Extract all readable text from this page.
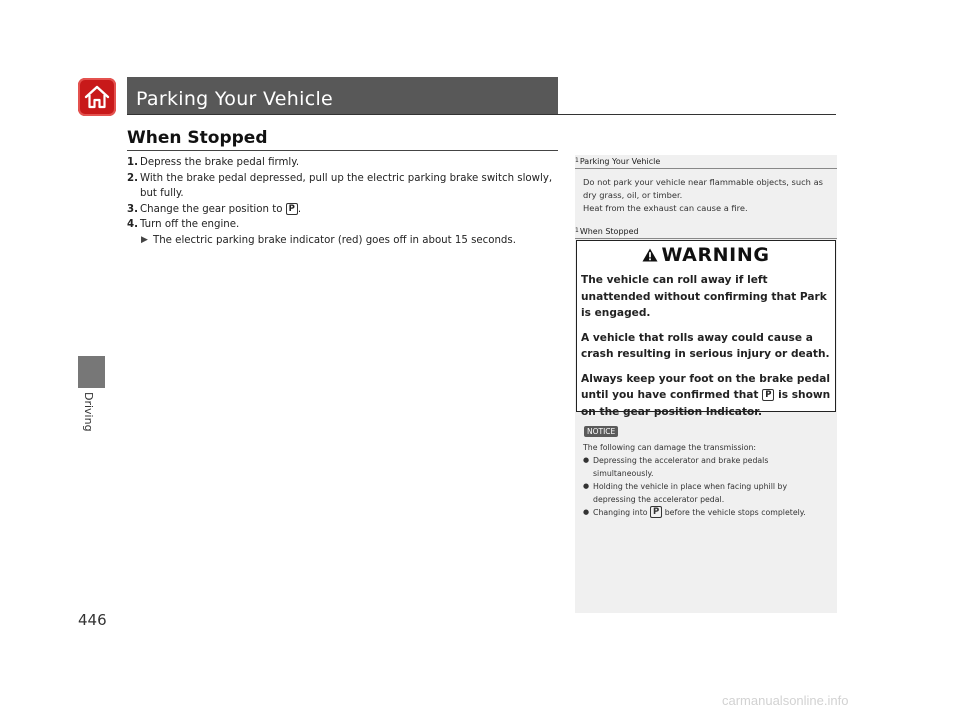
Parking Your Vehicle
Driving
446
When Stopped
1. Depress the brake pedal firmly.
2. With the brake pedal depressed, pull up the electric parking brake switch slowly, but fully.
3. Change the gear position to P .
4. Turn off the engine.
▶ The electric parking brake indicator (red) goes off in about 15 seconds.
$^1$Parking Your Vehicle
Do not park your vehicle near flammable objects, such as dry grass, oil, or timber.
Heat from the exhaust can cause a fire.
$^1$When Stopped
WARNING

The vehicle can roll away if left unattended without confirming that Park is engaged.

A vehicle that rolls away could cause a crash resulting in serious injury or death.

Always keep your foot on the brake pedal until you have confirmed that P is shown on the gear position Indicator.

NOTICE
The following can damage the transmission:
● Depressing the accelerator and brake pedals simultaneously.
● Holding the vehicle in place when facing uphill by depressing the accelerator pedal.
● Changing into P before the vehicle stops completely.
carmanualsonline.info
